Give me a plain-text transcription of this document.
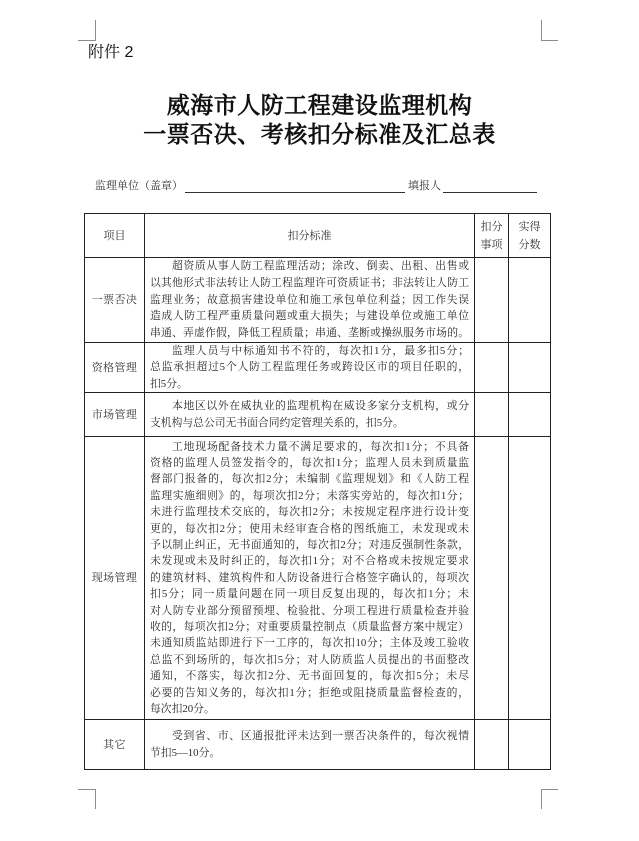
附件 2
威海市人防工程建设监理机构
一票否决、考核扣分标准及汇总表
监理单位（盖章）	填报人
项目	扣分标准
扣分
事项
实得
分数
一票否决
超资质从事人防工程监理活动；涂改、倒卖、出租、出售或
以其他形式非法转让人防工程监理许可资质证书；非法转让人防工
监理业务；故意损害建设单位和施工承包单位利益；因工作失误
造成人防工程严重质量问题或重大损失；与建设单位或施工单位
串通、弄虚作假，降低工程质量；串通、垄断或操纵服务市场的。
资格管理
监理人员与中标通知书不符的，每次扣1分，最多扣5分；
总监承担超过5个人防工程监理任务或跨设区市的项目任职的，
扣5分。
市场管理
本地区以外在威执业的监理机构在威设多家分支机构，或分
支机构与总公司无书面合同约定管理关系的，扣5分。
现场管理
工地现场配备技术力量不满足要求的，每次扣1分；不具备
资格的监理人员签发指令的，每次扣1分；监理人员未到质量监
督部门报备的，每次扣2分；未编制《监理规划》和《人防工程
监理实施细则》的，每项次扣2分；未落实旁站的，每次扣1分；
未进行监理技术交底的，每次扣2分；未按规定程序进行设计变
更的，每次扣2分；使用未经审查合格的图纸施工，未发现或未
予以制止纠正，无书面通知的，每次扣2分；对违反强制性条款，
未发现或未及时纠正的，每次扣1分；对不合格或未按规定要求
的建筑材料、建筑构件和人防设备进行合格签字确认的，每项次
扣5分；同一质量问题在同一项目反复出现的，每次扣1分；未
对人防专业部分预留预埋、检验批、分项工程进行质量检查并验
收的，每项次扣2分；对重要质量控制点（质量监督方案中规定）
未通知质监站即进行下一工序的，每次扣10分；主体及竣工验收
总监不到场所的，每次扣5分；对人防质监人员提出的书面整改
通知，不落实，每次扣2分、无书面回复的，每次扣5分；未尽
必要的告知义务的，每次扣1分；拒绝或阻挠质量监督检查的，
每次扣20分。
其它
受到省、市、区通报批评未达到一票否决条件的，每次视情
节扣5—10分。
